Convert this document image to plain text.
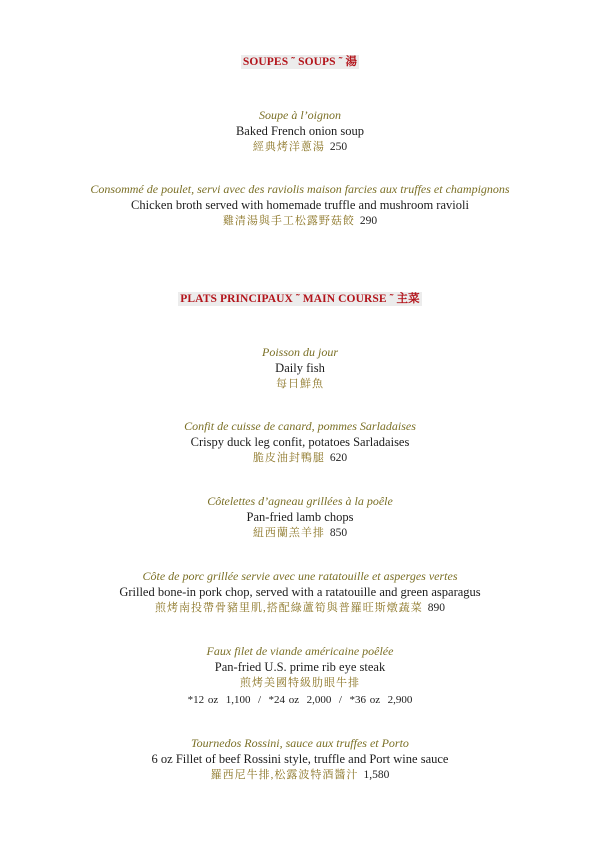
SOUPES ˜ SOUPS ˜ 湯
Soupe à l’oignon
Baked French onion soup
經典烤洋蔥湯 250
Consommé de poulet, servi avec des raviolis maison farcies aux truffes et champignons
Chicken broth served with homemade truffle and mushroom ravioli
雞清湯與手工松露野菇餃 290
PLATS PRINCIPAUX ˜ MAIN COURSE ˜ 主菜
Poisson du jour
Daily fish
每日鮮魚
Confit de cuisse de canard, pommes Sarladaises
Crispy duck leg confit, potatoes Sarladaises
脆皮油封鴨腿 620
Côtelettes d’agneau grillées à la poêle
Pan-fried lamb chops
紐西蘭羔羊排 850
Côte de porc grillée servie avec une ratatouille et asperges vertes
Grilled bone-in pork chop, served with a ratatouille and green asparagus
煎烤南投帶骨豬里肌,搭配綠蘆筍與普羅旺斯燉蔬菜 890
Faux filet de viande américaine poêlée
Pan-fried U.S. prime rib eye steak
煎烤美國特級肋眼牛排
*12 oz  1,100  /  *24 oz  2,000  /  *36 oz  2,900
Tournedos Rossini, sauce aux truffes et Porto
6 oz Fillet of beef Rossini style, truffle and Port wine sauce
羅西尼牛排,松露波特酒醬汁 1,580
